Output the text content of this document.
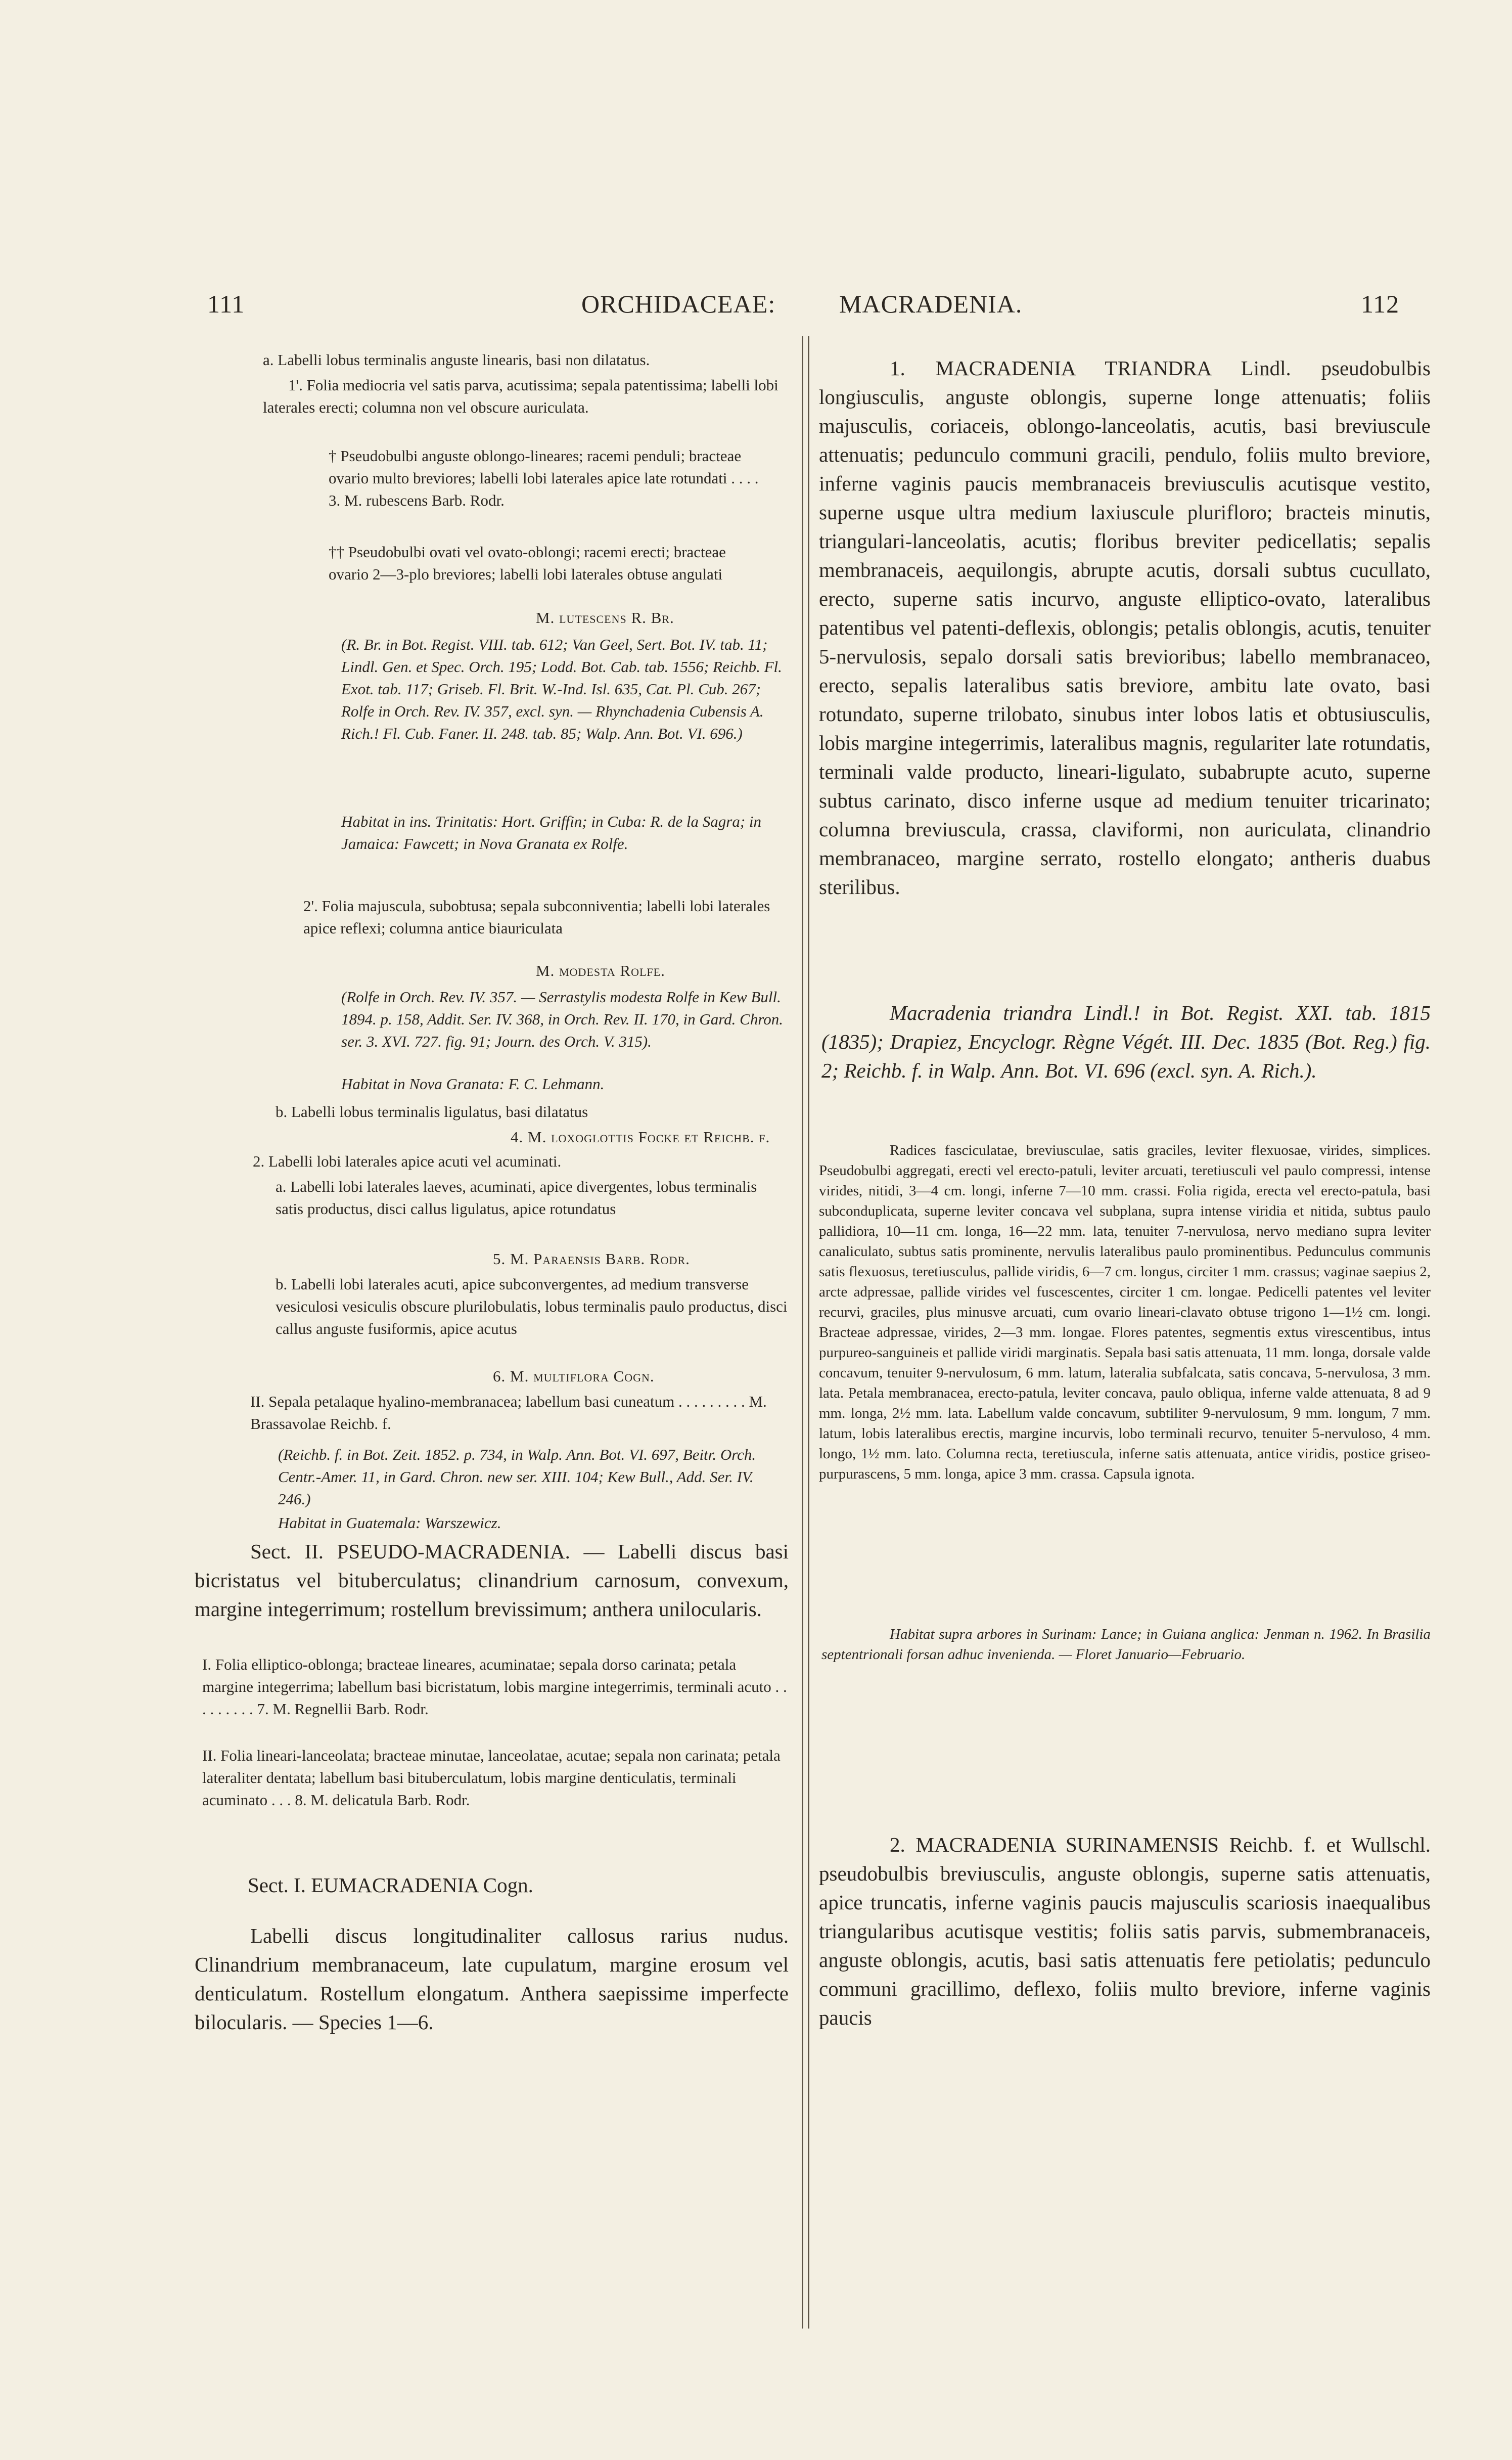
111	ORCHIDACEAE:	MACRADENIA.	112
a. Labelli lobus terminalis anguste linearis, basi non dilatatus.
1'. Folia mediocria vel satis parva, acutissima; sepala patentissima; labelli lobi laterales erecti; columna non vel obscure auriculata.
† Pseudobulbi anguste oblongo-lineares; racemi penduli; bracteae ovario multo breviores; labelli lobi laterales apice late rotundati . . . . 3. M. rubescens Barb. Rodr.
†† Pseudobulbi ovati vel ovato-oblongi; racemi erecti; bracteae ovario 2—3-plo breviores; labelli lobi laterales obtuse angulati
M. lutescens R. Br.
(R. Br. in Bot. Regist. VIII. tab. 612; Van Geel, Sert. Bot. IV. tab. 11; Lindl. Gen. et Spec. Orch. 195; Lodd. Bot. Cab. tab. 1556; Reichb. Fl. Exot. tab. 117; Griseb. Fl. Brit. W.-Ind. Isl. 635, Cat. Pl. Cub. 267; Rolfe in Orch. Rev. IV. 357, excl. syn. — Rhynchadenia Cubensis A. Rich.! Fl. Cub. Faner. II. 248. tab. 85; Walp. Ann. Bot. VI. 696.)
Habitat in ins. Trinitatis: Hort. Griffin; in Cuba: R. de la Sagra; in Jamaica: Fawcett; in Nova Granata ex Rolfe.
2'. Folia majuscula, subobtusa; sepala subconniventia; labelli lobi laterales apice reflexi; columna antice biauriculata
M. modesta Rolfe.
(Rolfe in Orch. Rev. IV. 357. — Serrastylis modesta Rolfe in Kew Bull. 1894. p. 158, Addit. Ser. IV. 368, in Orch. Rev. II. 170, in Gard. Chron. ser. 3. XVI. 727. fig. 91; Journ. des Orch. V. 315).
Habitat in Nova Granata: F. C. Lehmann.
b. Labelli lobus terminalis ligulatus, basi dilatatus
4. M. loxoglottis Focke et Reichb. f.
2. Labelli lobi laterales apice acuti vel acuminati.
a. Labelli lobi laterales laeves, acuminati, apice divergentes, lobus terminalis satis productus, disci callus ligulatus, apice rotundatus
5. M. Paraensis Barb. Rodr.
b. Labelli lobi laterales acuti, apice subconvergentes, ad medium transverse vesiculosi vesiculis obscure plurilobulatis, lobus terminalis paulo productus, disci callus anguste fusiformis, apice acutus
6. M. multiflora Cogn.
II. Sepala petalaque hyalino-membranacea; labellum basi cuneatum . . . . . . . . . M. Brassavolae Reichb. f.
(Reichb. f. in Bot. Zeit. 1852. p. 734, in Walp. Ann. Bot. VI. 697, Beitr. Orch. Centr.-Amer. 11, in Gard. Chron. new ser. XIII. 104; Kew Bull., Add. Ser. IV. 246.)
Habitat in Guatemala: Warszewicz.
Sect. II. PSEUDO-MACRADENIA. — Labelli discus basi bicristatus vel bituberculatus; clinandrium carnosum, convexum, margine integerrimum; rostellum brevissimum; anthera unilocularis.
I. Folia elliptico-oblonga; bracteae lineares, acuminatae; sepala dorso carinata; petala margine integerrima; labellum basi bicristatum, lobis margine integerrimis, terminali acuto . . . . . . . . . 7. M. Regnellii Barb. Rodr.
II. Folia lineari-lanceolata; bracteae minutae, lanceolatae, acutae; sepala non carinata; petala lateraliter dentata; labellum basi bituberculatum, lobis margine denticulatis, terminali acuminato . . . 8. M. delicatula Barb. Rodr.
Sect. I. EUMACRADENIA Cogn.
Labelli discus longitudinaliter callosus rarius nudus. Clinandrium membranaceum, late cupulatum, margine erosum vel denticulatum. Rostellum elongatum. Anthera saepissime imperfecte bilocularis. — Species 1—6.
1. MACRADENIA TRIANDRA Lindl. pseudobulbis longiusculis, anguste oblongis, superne longe attenuatis; foliis majusculis, coriaceis, oblongo-lanceolatis, acutis, basi breviuscule attenuatis; pedunculo communi gracili, pendulo, foliis multo breviore, inferne vaginis paucis membranaceis breviusculis acutisque vestito, superne usque ultra medium laxiuscule plurifloro; bracteis minutis, triangulari-lanceolatis, acutis; floribus breviter pedicellatis; sepalis membranaceis, aequilongis, abrupte acutis, dorsali subtus cucullato, erecto, superne satis incurvo, anguste elliptico-ovato, lateralibus patentibus vel patenti-deflexis, oblongis; petalis oblongis, acutis, tenuiter 5-nervulosis, sepalo dorsali satis brevioribus; labello membranaceo, erecto, sepalis lateralibus satis breviore, ambitu late ovato, basi rotundato, superne trilobato, sinubus inter lobos latis et obtusiusculis, lobis margine integerrimis, lateralibus magnis, regulariter late rotundatis, terminali valde producto, lineari-ligulato, subabrupte acuto, superne subtus carinato, disco inferne usque ad medium tenuiter tricarinato; columna breviuscula, crassa, claviformi, non auriculata, clinandrio membranaceo, margine serrato, rostello elongato; antheris duabus sterilibus.
Macradenia triandra Lindl.! in Bot. Regist. XXI. tab. 1815 (1835); Drapiez, Encyclogr. Règne Végét. III. Dec. 1835 (Bot. Reg.) fig. 2; Reichb. f. in Walp. Ann. Bot. VI. 696 (excl. syn. A. Rich.).
Radices fasciculatae, breviusculae, satis graciles, leviter flexuosae, virides, simplices. Pseudobulbi aggregati, erecti vel erecto-patuli, leviter arcuati, teretiusculi vel paulo compressi, intense virides, nitidi, 3—4 cm. longi, inferne 7—10 mm. crassi. Folia rigida, erecta vel erecto-patula, basi subconduplicata, superne leviter concava vel subplana, supra intense viridia et nitida, subtus paulo pallidiora, 10—11 cm. longa, 16—22 mm. lata, tenuiter 7-nervulosa, nervo mediano supra leviter canaliculato, subtus satis prominente, nervulis lateralibus paulo prominentibus. Pedunculus communis satis flexuosus, teretiusculus, pallide viridis, 6—7 cm. longus, circiter 1 mm. crassus; vaginae saepius 2, arcte adpressae, pallide virides vel fuscescentes, circiter 1 cm. longae. Pedicelli patentes vel leviter recurvi, graciles, plus minusve arcuati, cum ovario lineari-clavato obtuse trigono 1—1½ cm. longi. Bracteae adpressae, virides, 2—3 mm. longae. Flores patentes, segmentis extus virescentibus, intus purpureo-sanguineis et pallide viridi marginatis. Sepala basi satis attenuata, 11 mm. longa, dorsale valde concavum, tenuiter 9-nervulosum, 6 mm. latum, lateralia subfalcata, satis concava, 5-nervulosa, 3 mm. lata. Petala membranacea, erecto-patula, leviter concava, paulo obliqua, inferne valde attenuata, 8 ad 9 mm. longa, 2½ mm. lata. Labellum valde concavum, subtiliter 9-nervulosum, 9 mm. longum, 7 mm. latum, lobis lateralibus erectis, margine incurvis, lobo terminali recurvo, tenuiter 5-nervuloso, 4 mm. longo, 1½ mm. lato. Columna recta, teretiuscula, inferne satis attenuata, antice viridis, postice griseo-purpurascens, 5 mm. longa, apice 3 mm. crassa. Capsula ignota.
Habitat supra arbores in Surinam: Lance; in Guiana anglica: Jenman n. 1962. In Brasilia septentrionali forsan adhuc invenienda. — Floret Januario—Februario.
2. MACRADENIA SURINAMENSIS Reichb. f. et Wullschl. pseudobulbis breviusculis, anguste oblongis, superne satis attenuatis, apice truncatis, inferne vaginis paucis majusculis scariosis inaequalibus triangularibus acutisque vestitis; foliis satis parvis, submembranaceis, anguste oblongis, acutis, basi satis attenuatis fere petiolatis; pedunculo communi gracillimo, deflexo, foliis multo breviore, inferne vaginis paucis
